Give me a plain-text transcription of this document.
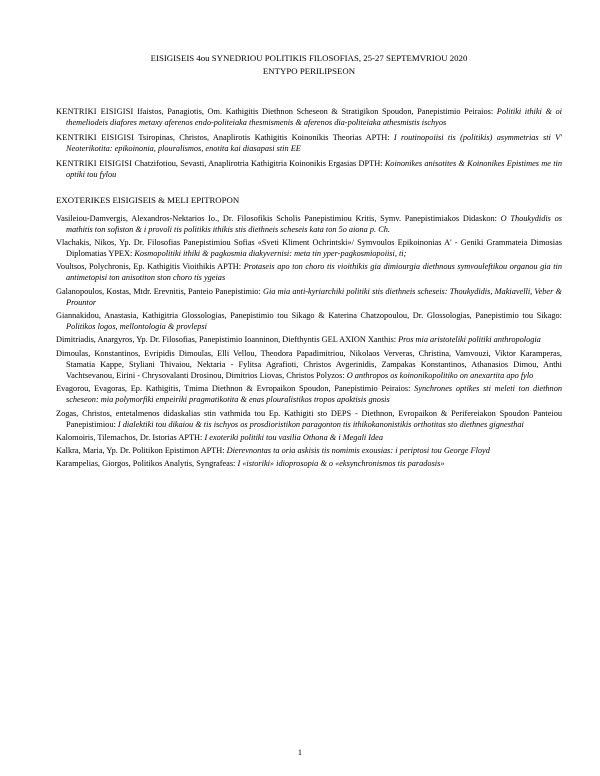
EISIGISEIS 4ou SYNEDRIOU POLITIKIS FILOSOFIAS, 25-27 SEPTEMVRIOU 2020
ENTYPO PERILIPSEON

KENTRIKI EISIGISI Ifaistos, Panagiotis, Om. Kathigitis Diethnon Scheseon & Stratigikon Spoudon, Panepistimio Peiraios: Politiki ithiki & oi themeliodeis diafores metaxy aferenos endo-politeiaka thesmismenis & aferenos dia-politeiaka athesmistis ischyos

KENTRIKI EISIGISI Tsiropinas, Christos, Anaplirotis Kathigitis Koinonikis Theorias APTH: I routinopoiisi tis (politikis) asymmetrias sti V' Neoterikotita: epikoinonia, plouralismos, enotita kai diasapasi stin EE

KENTRIKI EISIGISI Chatzifotiou, Sevasti, Anaplirotria Kathigitria Koinonikis Ergasias DPTH: Koinonikes anisotites & Koinonikes Epistimes me tin optiki tou fylou

EXOTERIKES EISIGISEIS & MELI EPITROPON

Vasileiou-Damvergis, Alexandros-Nektarios Io., Dr. Filosofikis Scholis Panepistimiou Kritis, Symv. Panepistimiakos Didaskon: O Thoukydidis os mathitis ton sofiston & i provoli tis politikis ithikis stis diethneis scheseis kata ton 5o aiona p. Ch.

Vlachakis, Nikos, Yp. Dr. Filosofias Panepistimiou Sofias «Sveti Kliment Ochrintski»/ Symvoulos Epikoinonias A' - Geniki Grammateia Dimosias Diplomatias YPEX: Kosmopolitiki ithiki & pagkosmia diakyvernisi: meta tin yper-pagkosmiopoiisi, ti;

Voultsos, Polychronis, Ep. Kathigitis Vioithikis APTH: Protaseis apo ton choro tis vioithikis gia dimiourgia diethnous symvouleftikou organou gia tin antimetopisi ton anisotiton ston choro tis ygeias

Galanopoulos, Kostas, Mtdr. Erevnitis, Panteio Panepistimio: Gia mia anti-kyriarchiki politiki stis diethneis scheseis: Thoukydidis, Makiavelli, Veber & Prountor

Giannakidou, Anastasia, Kathigitria Glossologias, Panepistimio tou Sikago & Katerina Chatzopoulou, Dr. Glossologias, Panepistimio tou Sikago: Politikos logos, mellontologia & provlepsi

Dimitriadis, Anargyros, Yp. Dr. Filosofias, Panepistimio Ioanninon, Diefthyntis GEL AXION Xanthis: Pros mia aristoteliki politiki anthropologia

Dimoulas, Konstantinos, Evripidis Dimoulas, Elli Vellou, Theodora Papadimitriou, Nikolaos Ververas, Christina, Vamvouzi, Viktor Karamperas, Stamatia Kappe, Styliani Thivaiou, Nektaria - Fylitsa Agrafioti, Christos Avgerinidis, Zampakas Konstantinos, Athanasios Dimou, Anthi Vachtsevanou, Eirini - Chrysovalanti Drosinou, Dimitrios Liovas, Christos Polyzos: O anthropos os koinonikopolitiko on anexartita apo fylo

Evagorou, Evagoras, Ep. Kathigitis, Tmima Diethnon & Evropaikon Spoudon, Panepistimio Peiraios: Synchrones optikes sti meleti ton diethnon scheseon: mia polymorfiki empeiriki pragmatikotita & enas plouralistikos tropos apoktisis gnosis

Zogas, Christos, entetalmenos didaskalias stin vathmida tou Ep. Kathigiti sto DEPS - Diethnon, Evropaikon & Perifereiakon Spoudon Panteiou Panepistimiou: I dialektiki tou dikaiou & tis ischyos os prosdioristikon paragonton tis ithikokanonistikis orthotitas sto diethnes gignesthai

Kalomoiris, Tilemachos, Dr. Istorias APTH: I exoteriki politiki tou vasilia Othona & i Megali Idea

Kalkra, Maria, Yp. Dr. Politikon Epistimon APTH: Dierevnontas ta oria askisis tis nomimis exousias: i periptosi tou George Floyd

Karampelias, Giorgos, Politikos Analytis, Syngrafeas: I «istoriki» idioprosopia & o «eksynchronismos tis paradosis»

1
